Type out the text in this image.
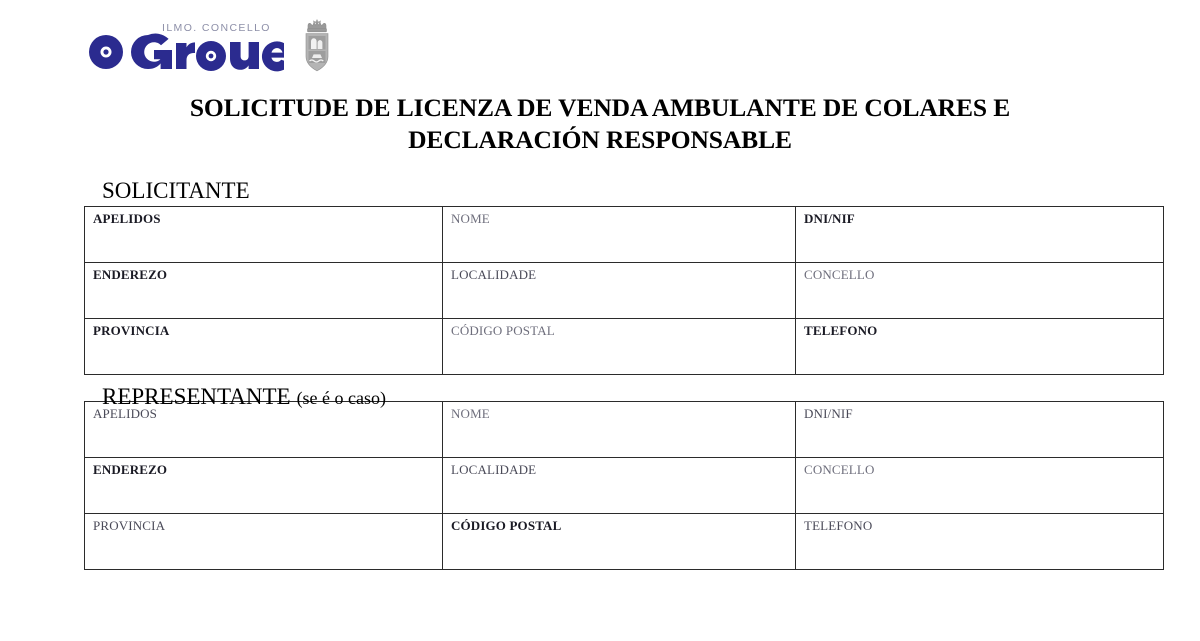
ILMO. CONCELLO
SOLICITUDE DE LICENZA DE VENDA AMBULANTE DE COLARES E
DECLARACIÓN RESPONSABLE
SOLICITANTE
APELIDOS	NOME	DNI/NIF
ENDEREZO	LOCALIDADE	CONCELLO
PROVINCIA	CÓDIGO POSTAL	TELEFONO
REPRESENTANTE (se é o caso)
APELIDOS	NOME	DNI/NIF
ENDEREZO	LOCALIDADE	CONCELLO
PROVINCIA	CÓDIGO POSTAL	TELEFONO
